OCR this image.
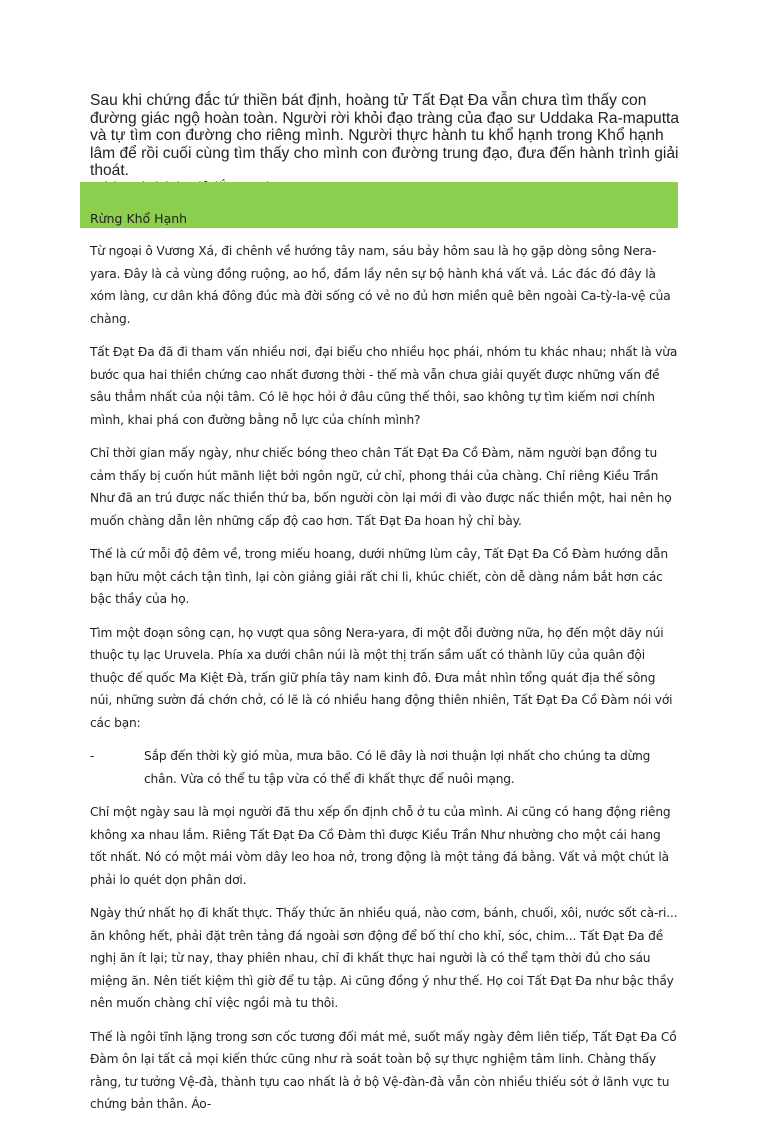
Sau khi chứng đắc tứ thiền bát định, hoàng tử Tất Đạt Đa vẫn chưa tìm thấy con đường giác ngộ hoàn toàn. Người rời khỏi đạo tràng của đạo sư Uddaka Ra-maputta và tự tìm con đường cho riêng mình. Người thực hành tu khổ hạnh trong Khổ hạnh lâm để rồi cuối cùng tìm thấy cho mình con đường trung đạo, đưa đến hành trình giải thoát.

Rừng Khổ Hạnh

Từ ngoại ô Vương Xá, đi chênh về hướng tây nam, sáu bảy hôm sau là họ gặp dòng sông Nera-yara. Đây là cả vùng đồng ruộng, ao hồ, đầm lầy nên sự bộ hành khá vất vả. Lác đác đó đây là xóm làng, cư dân khá đông đúc mà đời sống có vẻ no đủ hơn miền quê bên ngoài Ca-tỳ-la-vệ của chàng.

Tất Đạt Đa đã đi tham vấn nhiều nơi, đại biểu cho nhiều học phái, nhóm tu khác nhau; nhất là vừa bước qua hai thiền chứng cao nhất đương thời - thế mà vẫn chưa giải quyết được những vấn đề sâu thẳm nhất của nội tâm. Có lẽ học hỏi ở đâu cũng thế thôi, sao không tự tìm kiếm nơi chính mình, khai phá con đường bằng nỗ lực của chính mình?

Chỉ thời gian mấy ngày, như chiếc bóng theo chân Tất Đạt Đa Cồ Đàm, năm người bạn đồng tu cảm thấy bị cuốn hút mãnh liệt bởi ngôn ngữ, cử chỉ, phong thái của chàng. Chỉ riêng Kiều Trần Như đã an trú được nấc thiền thứ ba, bốn người còn lại mới đi vào được nấc thiền một, hai nên họ muốn chàng dẫn lên những cấp độ cao hơn. Tất Đạt Đa hoan hỷ chỉ bày.

Thế là cứ mỗi độ đêm về, trong miếu hoang, dưới những lùm cây, Tất Đạt Đa Cồ Đàm hướng dẫn bạn hữu một cách tận tình, lại còn giảng giải rất chi li, khúc chiết, còn dễ dàng nắm bắt hơn các bậc thầy của họ.

Tìm một đoạn sông cạn, họ vượt qua sông Nera-yara, đi một đỗi đường nữa, họ đến một dãy núi thuộc tụ lạc Uruvela. Phía xa dưới chân núi là một thị trấn sầm uất có thành lũy của quân đội thuộc đế quốc Ma Kiệt Đà, trấn giữ phía tây nam kinh đô. Đưa mắt nhìn tổng quát địa thế sông núi, những sườn đá chớn chở, có lẽ là có nhiều hang động thiên nhiên, Tất Đạt Đa Cồ Đàm nói với các bạn:

-	Sắp đến thời kỳ gió mùa, mưa bão. Có lẽ đây là nơi thuận lợi nhất cho chúng ta dừng chân. Vừa có thể tu tập vừa có thể đi khất thực để nuôi mạng.

Chỉ một ngày sau là mọi người đã thu xếp ổn định chỗ ở tu của mình. Ai cũng có hang động riêng không xa nhau lắm. Riêng Tất Đạt Đa Cồ Đàm thì được Kiều Trần Như nhường cho một cái hang tốt nhất. Nó có một mái vòm dây leo hoa nở, trong động là một tảng đá bằng. Vất vả một chút là phải lo quét dọn phân dơi.

Ngày thứ nhất họ đi khất thực. Thấy thức ăn nhiều quá, nào cơm, bánh, chuối, xôi, nước sốt cà-ri... ăn không hết, phải đặt trên tảng đá ngoài sơn động để bố thí cho khỉ, sóc, chim... Tất Đạt Đa đề nghị ăn ít lại; từ nay, thay phiên nhau, chỉ đi khất thực hai người là có thể tạm thời đủ cho sáu miệng ăn. Nên tiết kiệm thì giờ để tu tập. Ai cũng đồng ý như thế. Họ coi Tất Đạt Đa như bậc thầy nên muốn chàng chỉ việc ngồi mà tu thôi.

Thế là ngôi tĩnh lặng trong sơn cốc tương đối mát mẻ, suốt mấy ngày đêm liên tiếp, Tất Đạt Đa Cồ Đàm ôn lại tất cả mọi kiến thức cũng như rà soát toàn bộ sự thực nghiệm tâm linh. Chàng thấy rằng, tư tưởng Vệ-đà, thành tựu cao nhất là ở bộ Vệ-đàn-đà vẫn còn nhiều thiếu sót ở lãnh vực tu chứng bản thân. Áo-
